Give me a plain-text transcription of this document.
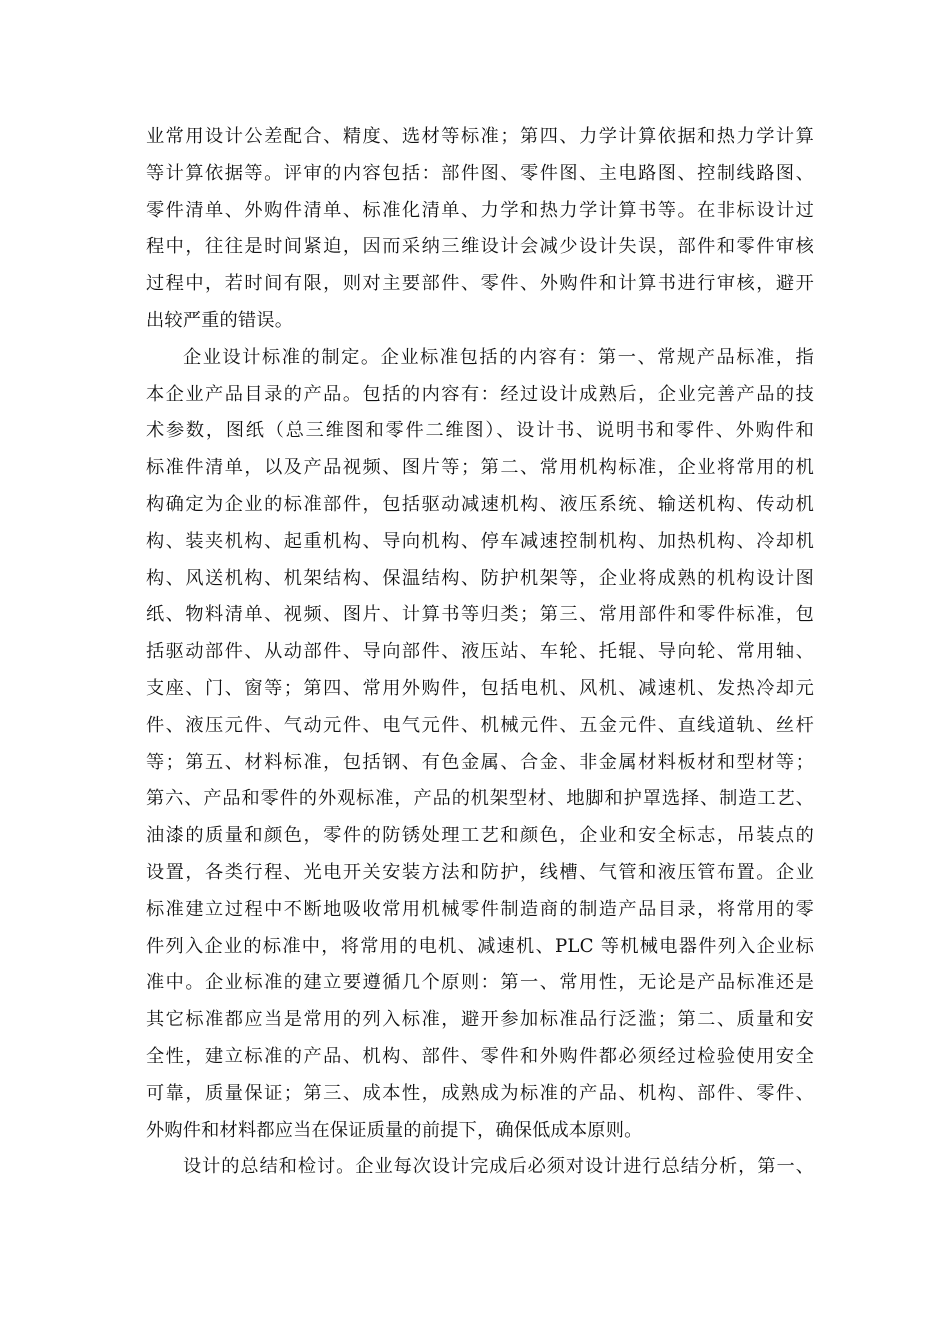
业常用设计公差配合、精度、选材等标准；第四、力学计算依据和热力学计算
等计算依据等。评审的内容包括：部件图、零件图、主电路图、控制线路图、
零件清单、外购件清单、标准化清单、力学和热力学计算书等。在非标设计过
程中，往往是时间紧迫，因而采纳三维设计会减少设计失误，部件和零件审核
过程中，若时间有限，则对主要部件、零件、外购件和计算书进行审核，避开
出较严重的错误。
企业设计标准的制定。企业标准包括的内容有：第一、常规产品标准，指
本企业产品目录的产品。包括的内容有：经过设计成熟后，企业完善产品的技
术参数，图纸（总三维图和零件二维图）、设计书、说明书和零件、外购件和
标准件清单，以及产品视频、图片等；第二、常用机构标准，企业将常用的机
构确定为企业的标准部件，包括驱动减速机构、液压系统、输送机构、传动机
构、装夹机构、起重机构、导向机构、停车减速控制机构、加热机构、冷却机
构、风送机构、机架结构、保温结构、防护机架等，企业将成熟的机构设计图
纸、物料清单、视频、图片、计算书等归类；第三、常用部件和零件标准，包
括驱动部件、从动部件、导向部件、液压站、车轮、托辊、导向轮、常用轴、
支座、门、窗等；第四、常用外购件，包括电机、风机、减速机、发热冷却元
件、液压元件、气动元件、电气元件、机械元件、五金元件、直线道轨、丝杆
等；第五、材料标准，包括钢、有色金属、合金、非金属材料板材和型材等；
第六、产品和零件的外观标准，产品的机架型材、地脚和护罩选择、制造工艺、
油漆的质量和颜色，零件的防锈处理工艺和颜色，企业和安全标志，吊装点的
设置，各类行程、光电开关安装方法和防护，线槽、气管和液压管布置。企业
标准建立过程中不断地吸收常用机械零件制造商的制造产品目录，将常用的零
件列入企业的标准中，将常用的电机、减速机、PLC 等机械电器件列入企业标
准中。企业标准的建立要遵循几个原则：第一、常用性，无论是产品标准还是
其它标准都应当是常用的列入标准，避开参加标准品行泛滥；第二、质量和安
全性，建立标准的产品、机构、部件、零件和外购件都必须经过检验使用安全
可靠，质量保证；第三、成本性，成熟成为标准的产品、机构、部件、零件、
外购件和材料都应当在保证质量的前提下，确保低成本原则。
设计的总结和检讨。企业每次设计完成后必须对设计进行总结分析，第一、
